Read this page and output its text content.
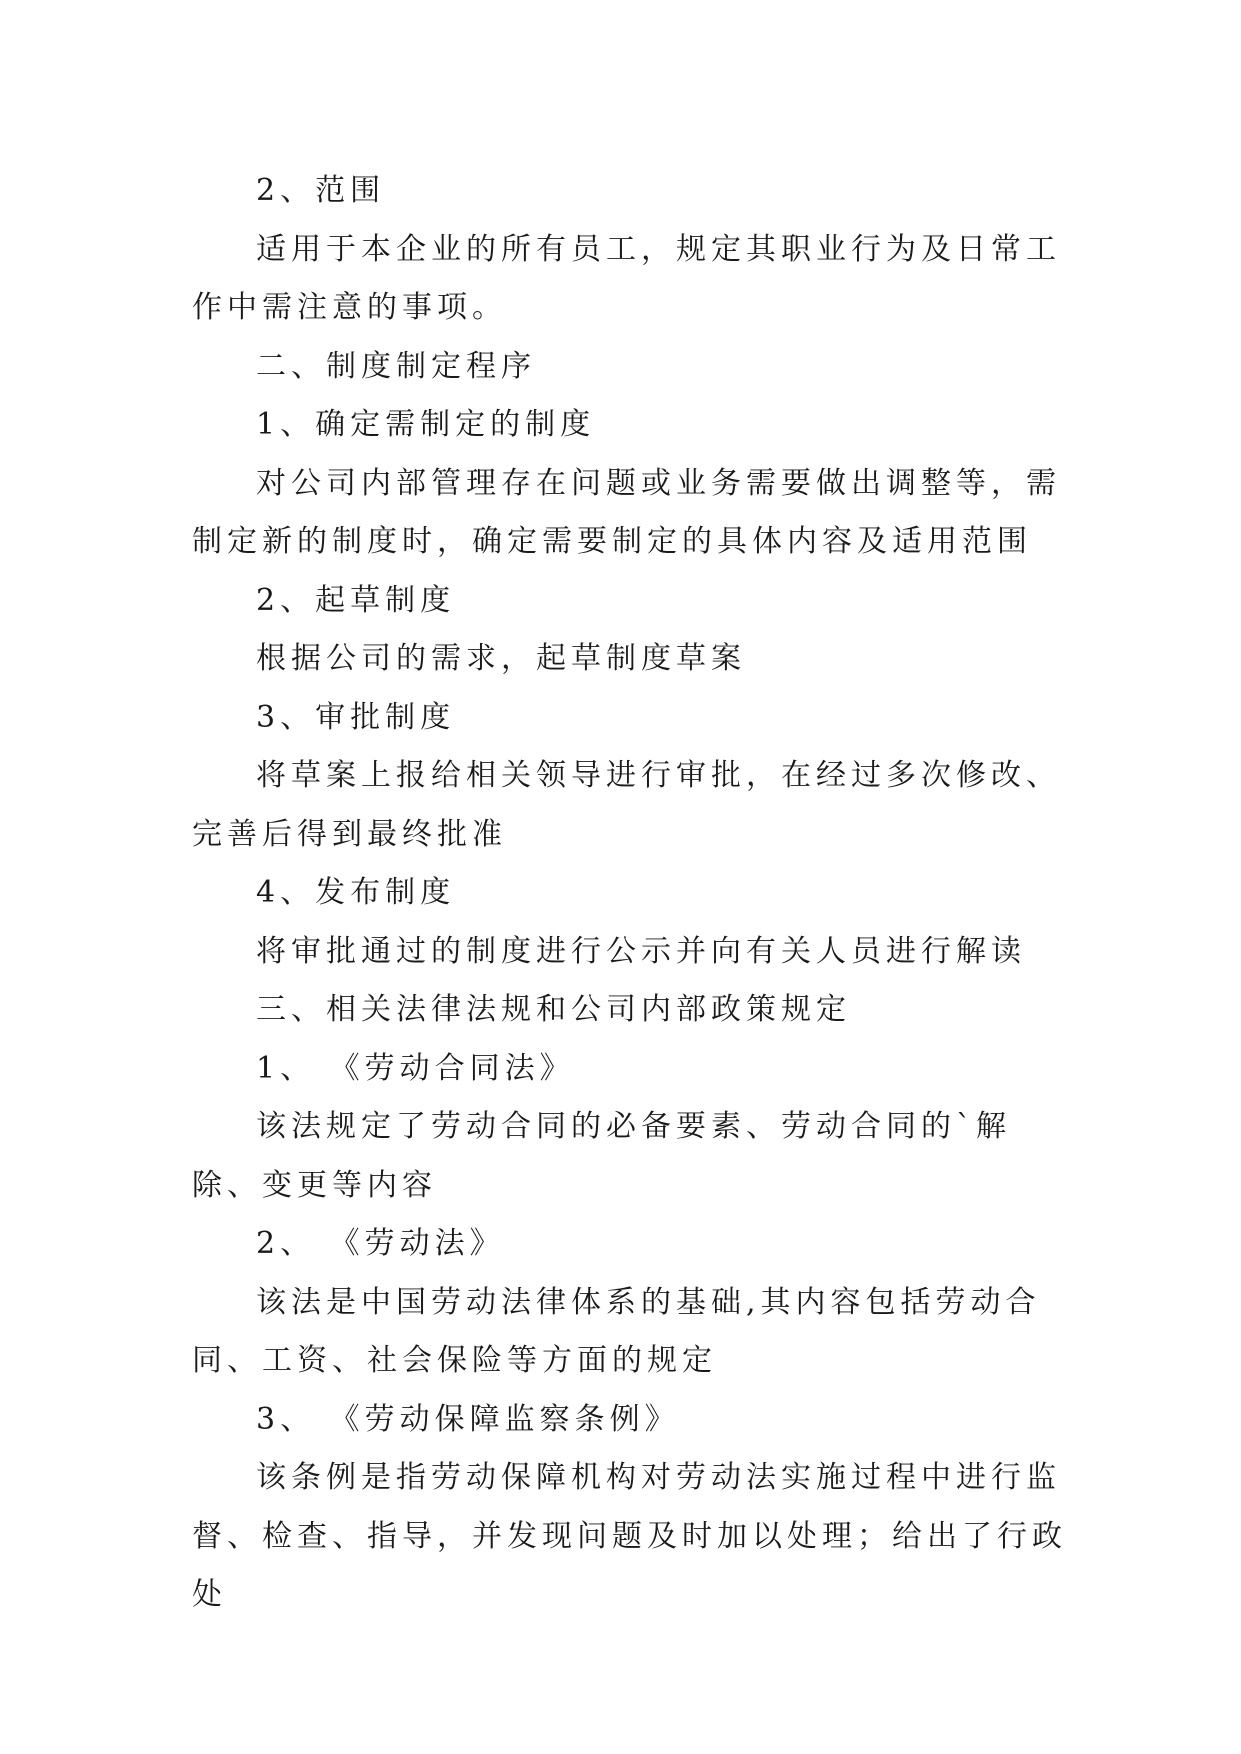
2、范围

适用于本企业的所有员工，规定其职业行为及日常工作中需注意的事项。

二、制度制定程序

1、确定需制定的制度

对公司内部管理存在问题或业务需要做出调整等，需制定新的制度时，确定需要制定的具体内容及适用范围

2、起草制度

根据公司的需求，起草制度草案

3、审批制度

将草案上报给相关领导进行审批，在经过多次修改、完善后得到最终批准

4、发布制度

将审批通过的制度进行公示并向有关人员进行解读

三、相关法律法规和公司内部政策规定

1、 《劳动合同法》

该法规定了劳动合同的必备要素、劳动合同的`解除、变更等内容

2、 《劳动法》

该法是中国劳动法律体系的基础,其内容包括劳动合同、工资、社会保险等方面的规定

3、 《劳动保障监察条例》

该条例是指劳动保障机构对劳动法实施过程中进行监督、检查、指导，并发现问题及时加以处理；给出了行政处
